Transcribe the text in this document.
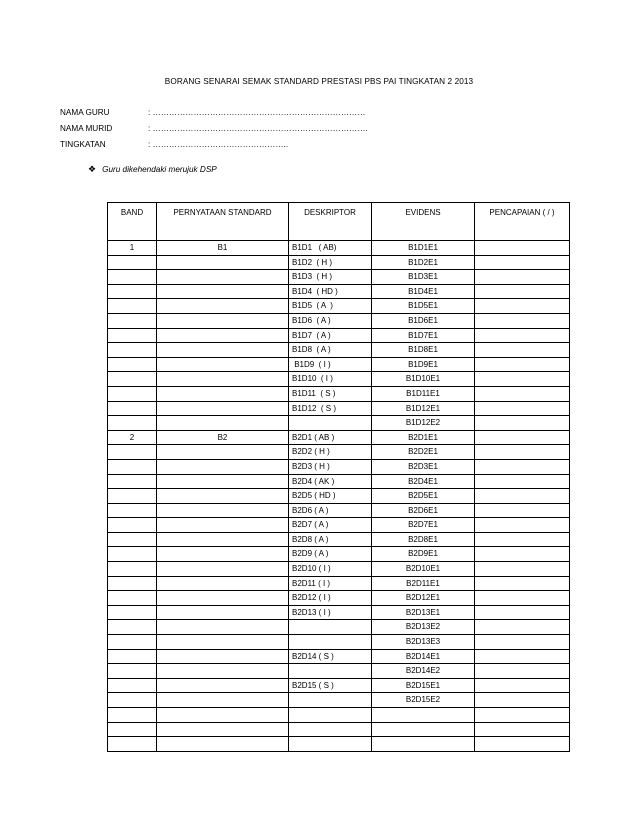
BORANG SENARAI SEMAK STANDARD PRESTASI PBS PAI TINGKATAN 2 2013
NAMA GURU	: ……………………………………………………………………
NAMA MURID	: …………………………………………………………………….
TINGKATAN	: …………………………………………..
❖ Guru dikehendaki merujuk DSP
BAND	PERNYATAAN STANDARD	DESKRIPTOR	EVIDENS	PENCAPAIAN ( / )
1	B1	B1D1   ( AB)	B1D1E1	
		B1D2  ( H )	B1D2E1	
		B1D3  ( H )	B1D3E1	
		B1D4  ( HD )	B1D4E1	
		B1D5  ( A  )	B1D5E1	
		B1D6  ( A )	B1D6E1	
		B1D7  ( A )	B1D7E1	
		B1D8  ( A )	B1D8E1	
		B1D9  ( I )	B1D9E1	
		B1D10  ( I )	B1D10E1	
		B1D11  ( S )	B1D11E1	
		B1D12  ( S )	B1D12E1	
			B1D12E2	
2	B2	B2D1 ( AB )	B2D1E1	
		B2D2 ( H )	B2D2E1	
		B2D3 ( H )	B2D3E1	
		B2D4 ( AK )	B2D4E1	
		B2D5 ( HD )	B2D5E1	
		B2D6 ( A )	B2D6E1	
		B2D7 ( A )	B2D7E1	
		B2D8 ( A )	B2D8E1	
		B2D9 ( A )	B2D9E1	
		B2D10 ( I )	B2D10E1	
		B2D11 ( I )	B2D11E1	
		B2D12 ( I )	B2D12E1	
		B2D13 ( I )	B2D13E1	
			B2D13E2	
			B2D13E3	
		B2D14 ( S )	B2D14E1	
			B2D14E2	
		B2D15 ( S )	B2D15E1	
			B2D15E2	
